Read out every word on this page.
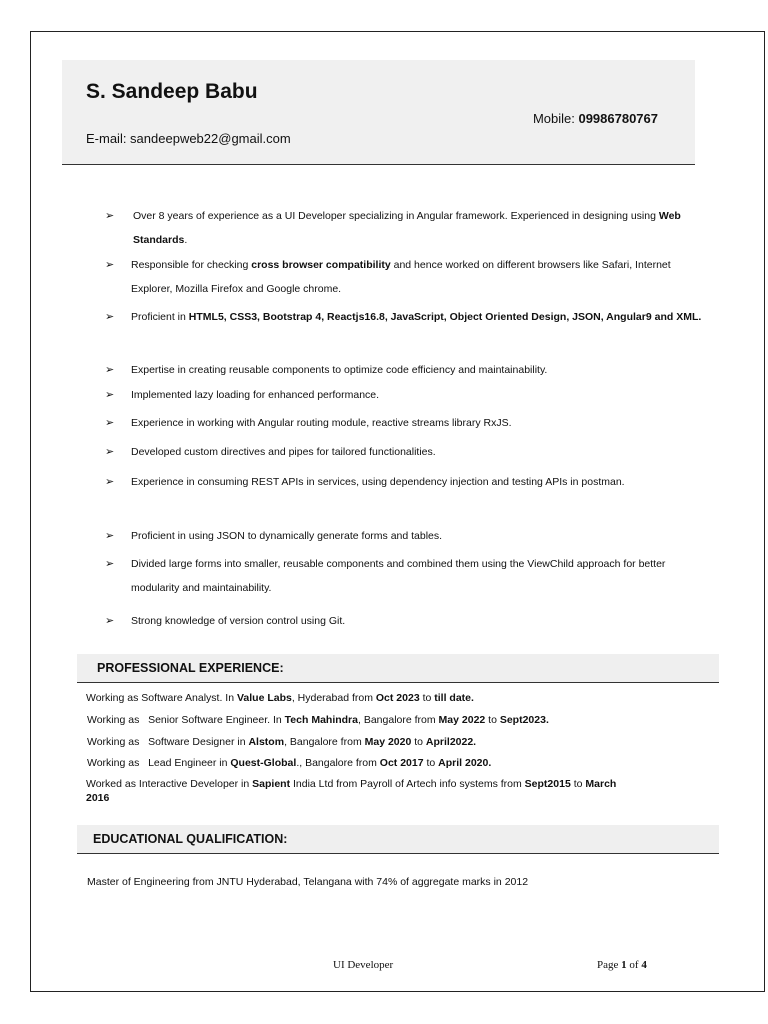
S. Sandeep Babu
Mobile: 09986780767
E-mail: sandeepweb22@gmail.com
➢ Over 8 years of experience as a UI Developer specializing in Angular framework. Experienced in designing using Web Standards.
➢ Responsible for checking cross browser compatibility and hence worked on different browsers like Safari, Internet Explorer, Mozilla Firefox and Google chrome.
➢ Proficient in HTML5, CSS3, Bootstrap 4, Reactjs16.8, JavaScript, Object Oriented Design, JSON, Angular9 and XML.
➢ Expertise in creating reusable components to optimize code efficiency and maintainability.
➢ Implemented lazy loading for enhanced performance.
➢ Experience in working with Angular routing module, reactive streams library RxJS.
➢ Developed custom directives and pipes for tailored functionalities.
➢ Experience in consuming REST APIs in services, using dependency injection and testing APIs in postman.
➢ Proficient in using JSON to dynamically generate forms and tables.
➢ Divided large forms into smaller, reusable components and combined them using the ViewChild approach for better modularity and maintainability.
➢ Strong knowledge of version control using Git.
PROFESSIONAL EXPERIENCE:
Working as Software Analyst. In Value Labs, Hyderabad from Oct 2023 to till date.
Working as   Senior Software Engineer. In Tech Mahindra, Bangalore from May 2022 to Sept2023.
Working as   Software Designer in Alstom, Bangalore from May 2020 to April2022.
Working as   Lead Engineer in Quest-Global., Bangalore from Oct 2017 to April 2020.
Worked as Interactive Developer in Sapient India Ltd from Payroll of Artech info systems from Sept2015 to March 2016
EDUCATIONAL QUALIFICATION:
Master of Engineering from JNTU Hyderabad, Telangana with 74% of aggregate marks in 2012
UI Developer	Page 1 of 4
